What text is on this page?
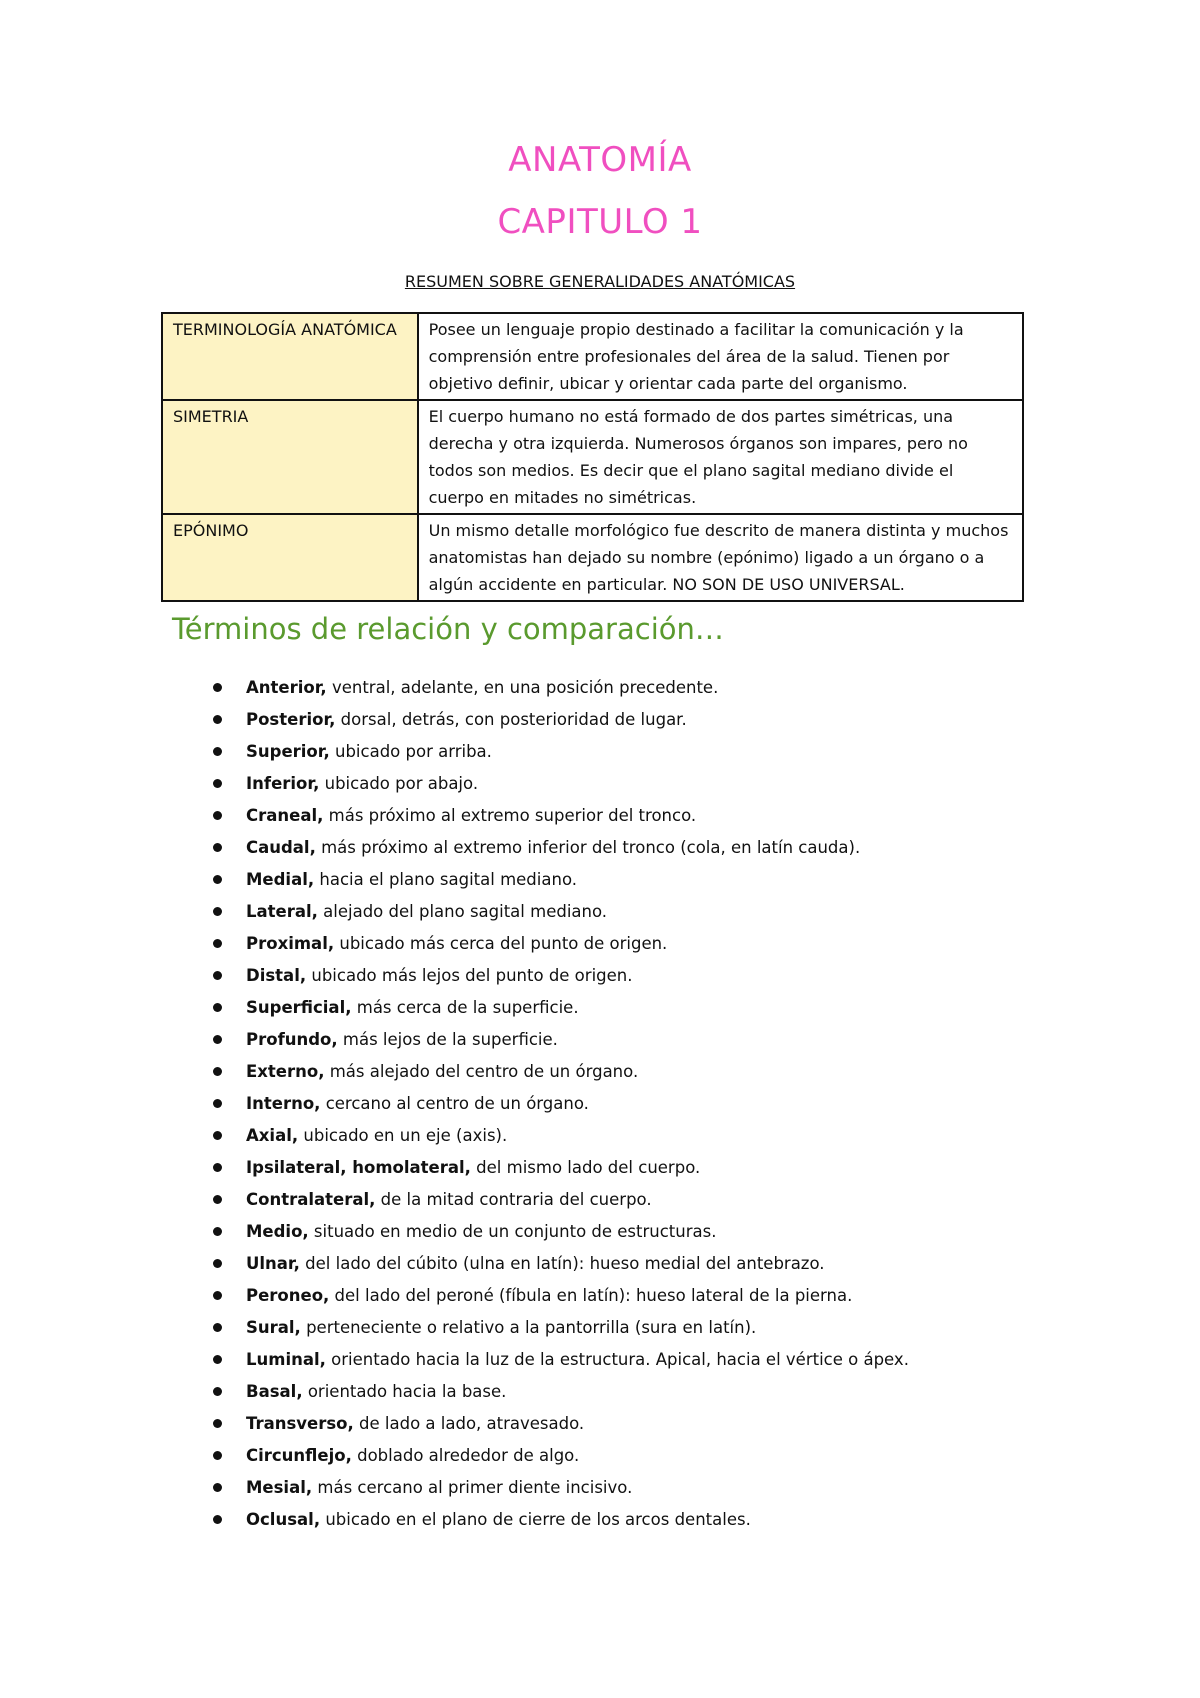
ANATOMÍA
CAPITULO 1
RESUMEN SOBRE GENERALIDADES ANATÓMICAS
TERMINOLOGÍA ANATÓMICA	Posee un lenguaje propio destinado a facilitar la comunicación y la comprensión entre profesionales del área de la salud. Tienen por objetivo definir, ubicar y orientar cada parte del organismo.
SIMETRIA	El cuerpo humano no está formado de dos partes simétricas, una derecha y otra izquierda. Numerosos órganos son impares, pero no todos son medios. Es decir que el plano sagital mediano divide el cuerpo en mitades no simétricas.
EPÓNIMO	Un mismo detalle morfológico fue descrito de manera distinta y muchos anatomistas han dejado su nombre (epónimo) ligado a un órgano o a algún accidente en particular. NO SON DE USO UNIVERSAL.
Términos de relación y comparación…
Anterior, ventral, adelante, en una posición precedente.
Posterior, dorsal, detrás, con posterioridad de lugar.
Superior, ubicado por arriba.
Inferior, ubicado por abajo.
Craneal, más próximo al extremo superior del tronco.
Caudal, más próximo al extremo inferior del tronco (cola, en latín cauda).
Medial, hacia el plano sagital mediano.
Lateral, alejado del plano sagital mediano.
Proximal, ubicado más cerca del punto de origen.
Distal, ubicado más lejos del punto de origen.
Superficial, más cerca de la superficie.
Profundo, más lejos de la superficie.
Externo, más alejado del centro de un órgano.
Interno, cercano al centro de un órgano.
Axial, ubicado en un eje (axis).
Ipsilateral, homolateral, del mismo lado del cuerpo.
Contralateral, de la mitad contraria del cuerpo.
Medio, situado en medio de un conjunto de estructuras.
Ulnar, del lado del cúbito (ulna en latín): hueso medial del antebrazo.
Peroneo, del lado del peroné (fíbula en latín): hueso lateral de la pierna.
Sural, perteneciente o relativo a la pantorrilla (sura en latín).
Luminal, orientado hacia la luz de la estructura. Apical, hacia el vértice o ápex.
Basal, orientado hacia la base.
Transverso, de lado a lado, atravesado.
Circunflejo, doblado alrededor de algo.
Mesial, más cercano al primer diente incisivo.
Oclusal, ubicado en el plano de cierre de los arcos dentales.
